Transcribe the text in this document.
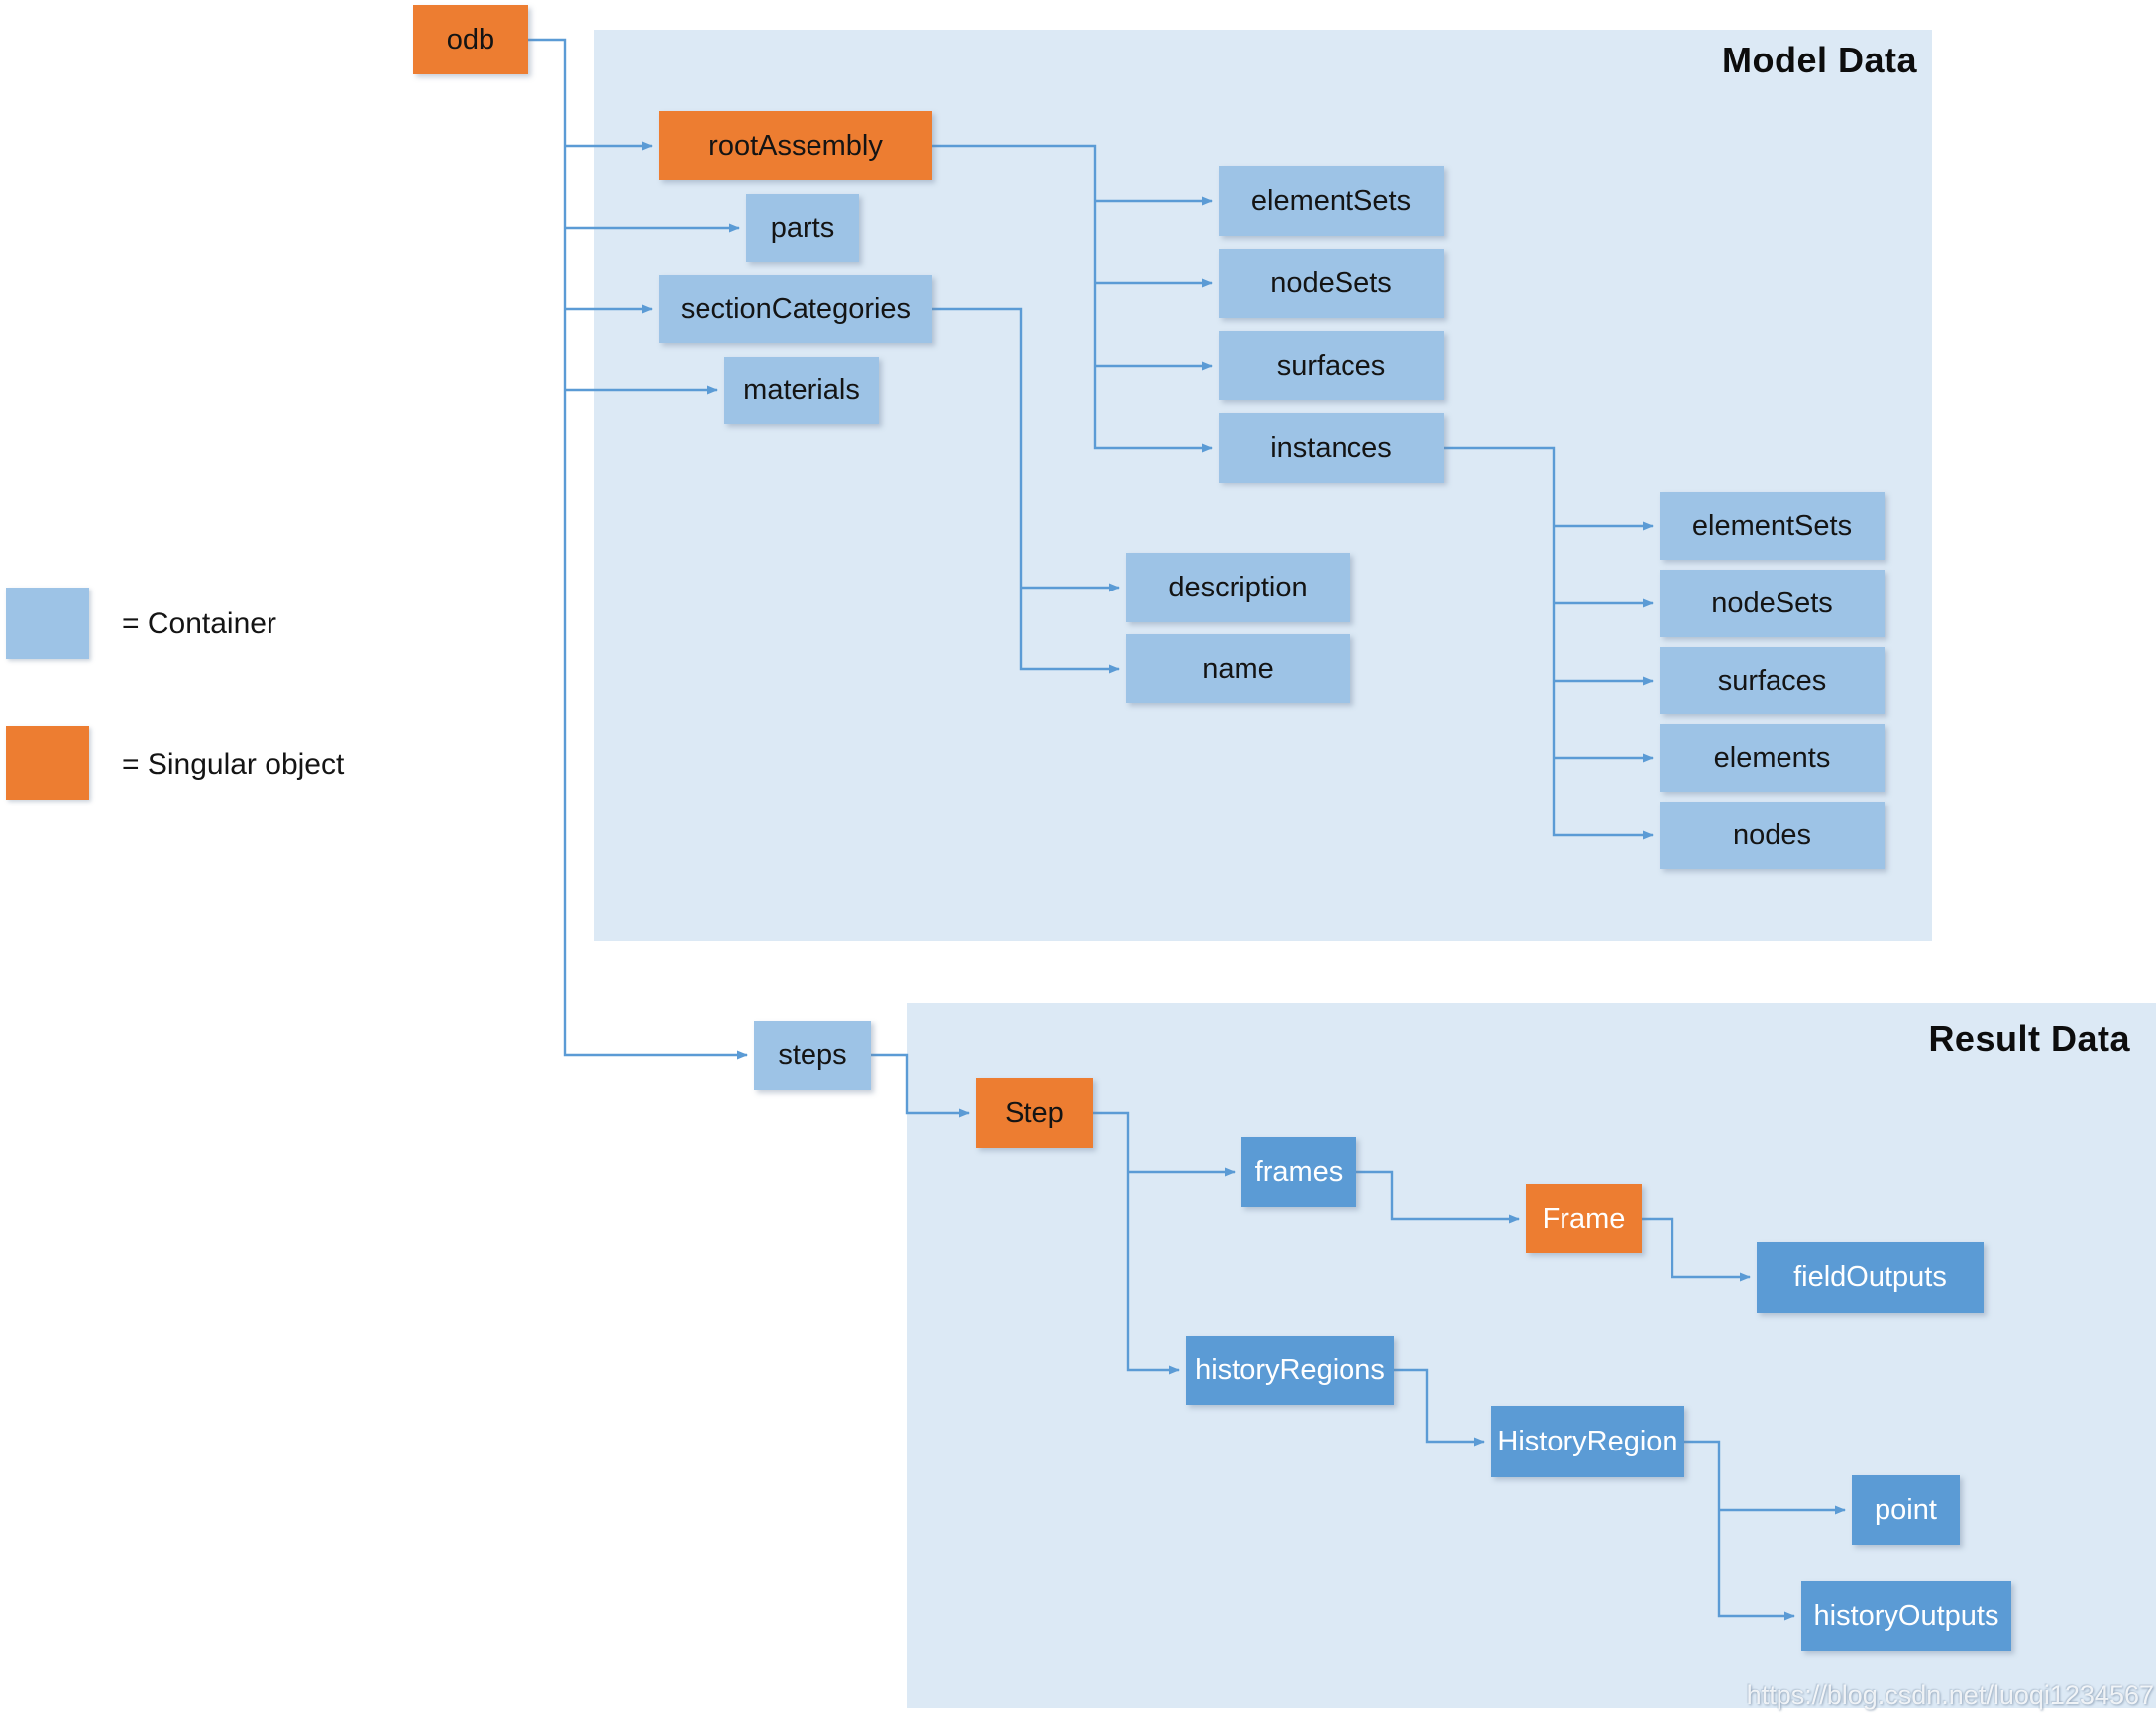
Model Data
Result Data
odb
rootAssembly
parts
sectionCategories
materials
elementSets
nodeSets
surfaces
instances
description
name
elementSets
nodeSets
surfaces
elements
nodes
steps
Step
frames
Frame
fieldOutputs
historyRegions
HistoryRegion
point
historyOutputs
= Container
= Singular object
https://blog.csdn.net/luoqi1234567
